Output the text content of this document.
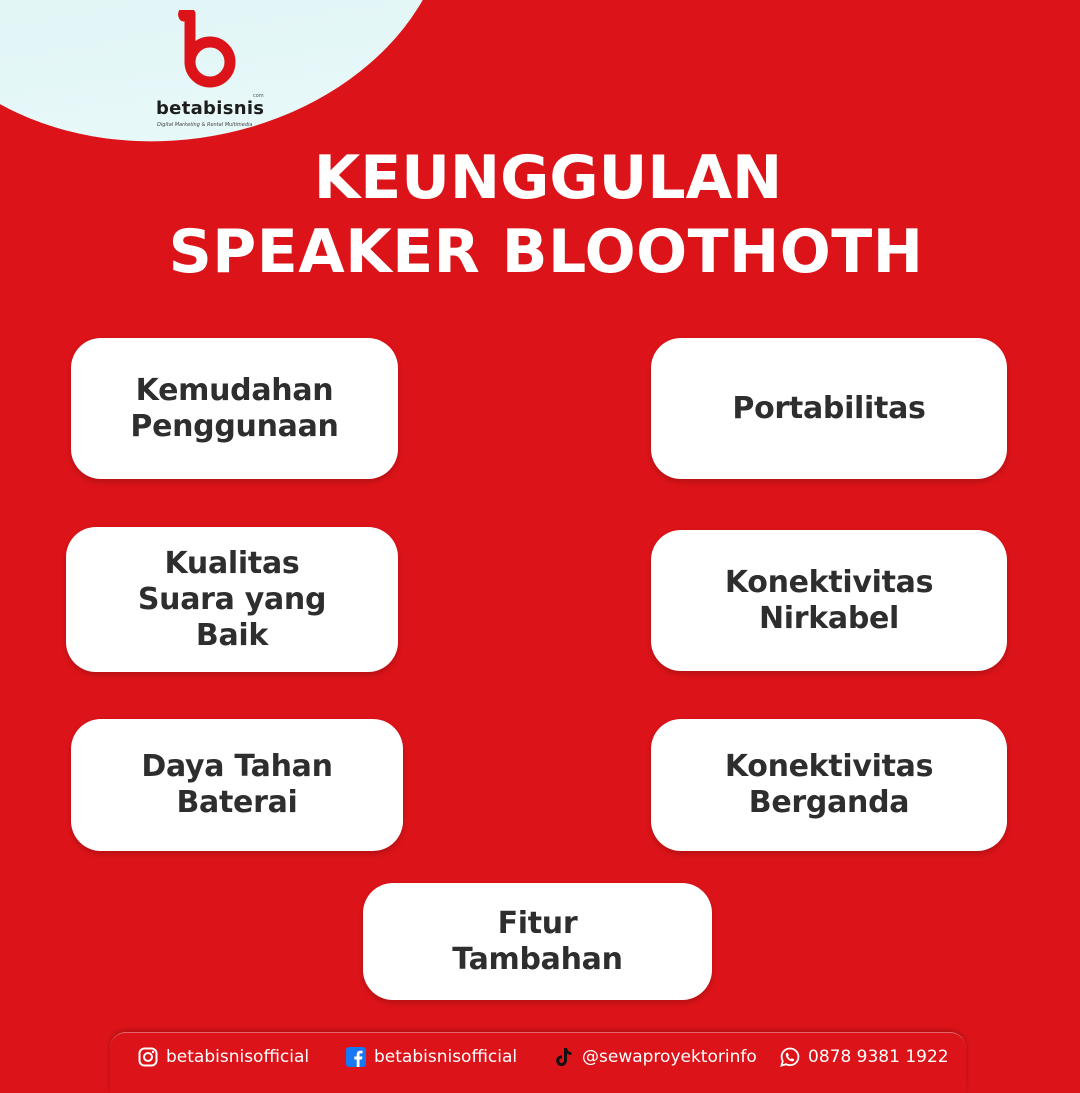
betabisnis
com
Digital Marketing & Rental Multimedia
KEUNGGULAN
SPEAKER BLOOTHOTH
Kemudahan
Penggunaan
Portabilitas
Kualitas
Suara yang
Baik
Konektivitas
Nirkabel
Daya Tahan
Baterai
Konektivitas
Berganda
Fitur
Tambahan
betabisnisofficial	betabisnisofficial	@sewaproyektorinfo	0878 9381 1922
